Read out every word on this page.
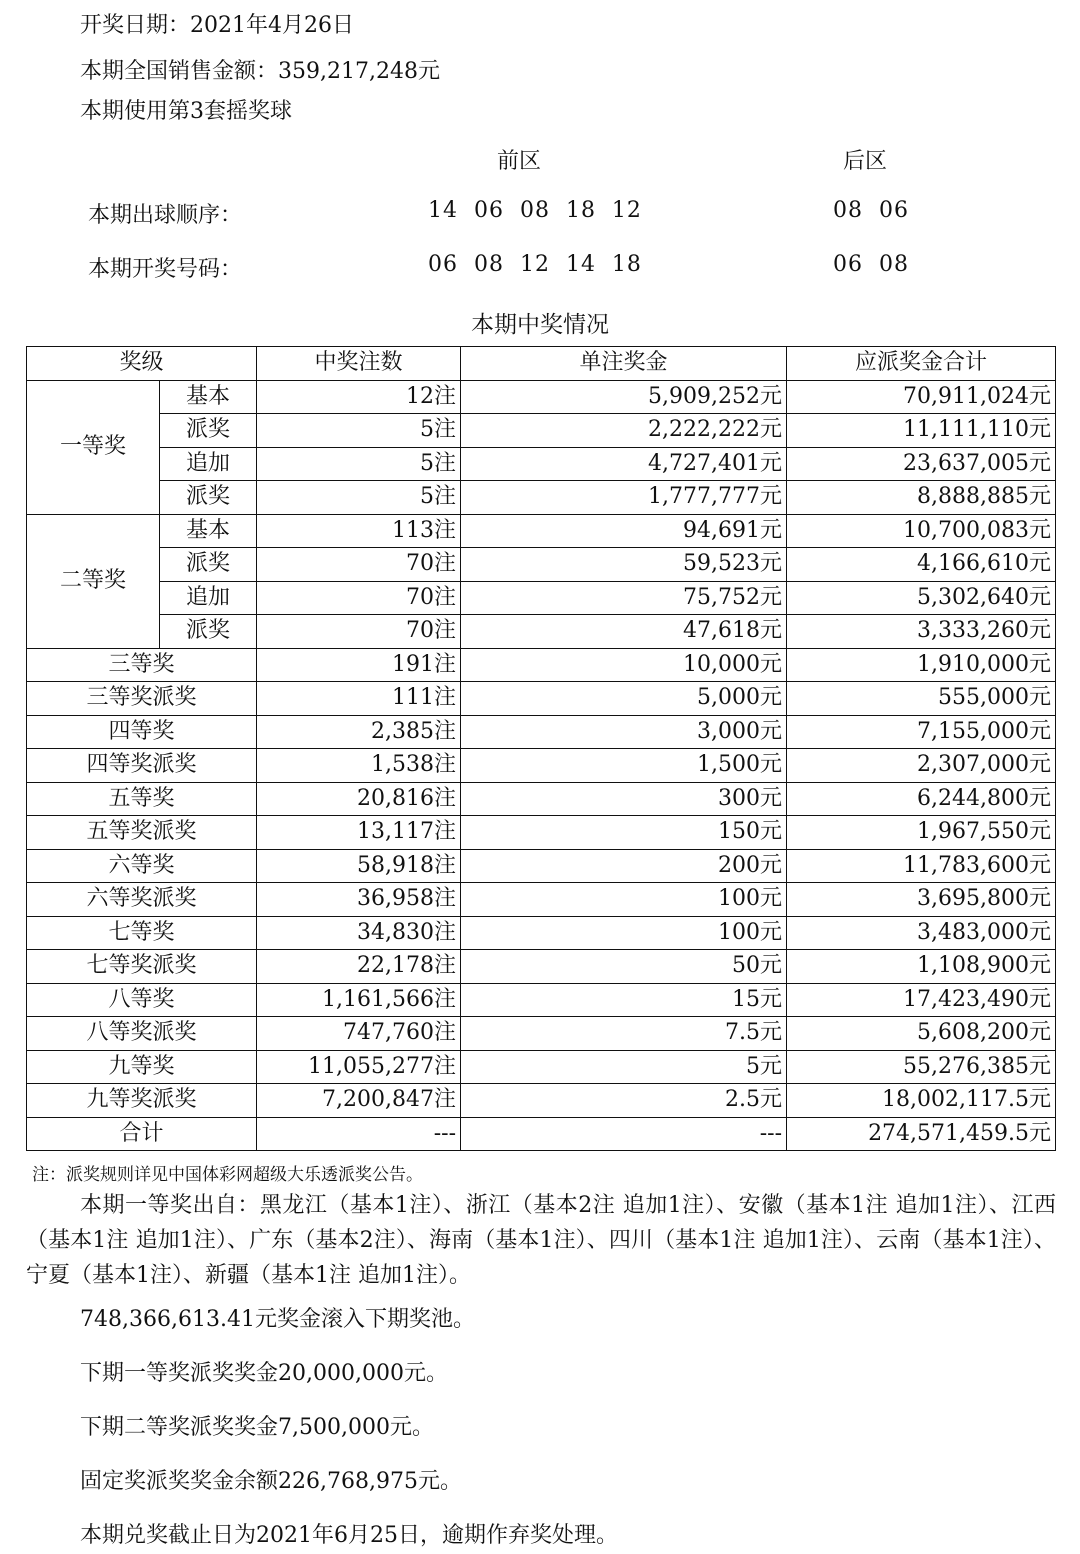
开奖日期：2021年4月26日
本期全国销售金额：359,217,248元
本期使用第3套摇奖球
前区	后区
本期出球顺序：	14  06  08  18  12	08  06
本期开奖号码：	06  08  12  14  18	06  08
本期中奖情况
奖级		中奖注数	单注奖金	应派奖金合计
一等奖	基本	12注	5,909,252元	70,911,024元
	派奖	5注	2,222,222元	11,111,110元
	追加	5注	4,727,401元	23,637,005元
	派奖	5注	1,777,777元	8,888,885元
二等奖	基本	113注	94,691元	10,700,083元
	派奖	70注	59,523元	4,166,610元
	追加	70注	75,752元	5,302,640元
	派奖	70注	47,618元	3,333,260元
三等奖		191注	10,000元	1,910,000元
三等奖派奖		111注	5,000元	555,000元
四等奖		2,385注	3,000元	7,155,000元
四等奖派奖		1,538注	1,500元	2,307,000元
五等奖		20,816注	300元	6,244,800元
五等奖派奖		13,117注	150元	1,967,550元
六等奖		58,918注	200元	11,783,600元
六等奖派奖		36,958注	100元	3,695,800元
七等奖		34,830注	100元	3,483,000元
七等奖派奖		22,178注	50元	1,108,900元
八等奖		1,161,566注	15元	17,423,490元
八等奖派奖		747,760注	7.5元	5,608,200元
九等奖		11,055,277注	5元	55,276,385元
九等奖派奖		7,200,847注	2.5元	18,002,117.5元
合计		---	---	274,571,459.5元
注：派奖规则详见中国体彩网超级大乐透派奖公告。
本期一等奖出自：黑龙江（基本1注）、浙江（基本2注 追加1注）、安徽（基本1注 追加1注）、江西（基本1注 追加1注）、广东（基本2注）、海南（基本1注）、四川（基本1注 追加1注）、云南（基本1注）、宁夏（基本1注）、新疆（基本1注 追加1注）。
748,366,613.41元奖金滚入下期奖池。
下期一等奖派奖奖金20,000,000元。
下期二等奖派奖奖金7,500,000元。
固定奖派奖奖金余额226,768,975元。
本期兑奖截止日为2021年6月25日，逾期作弃奖处理。
